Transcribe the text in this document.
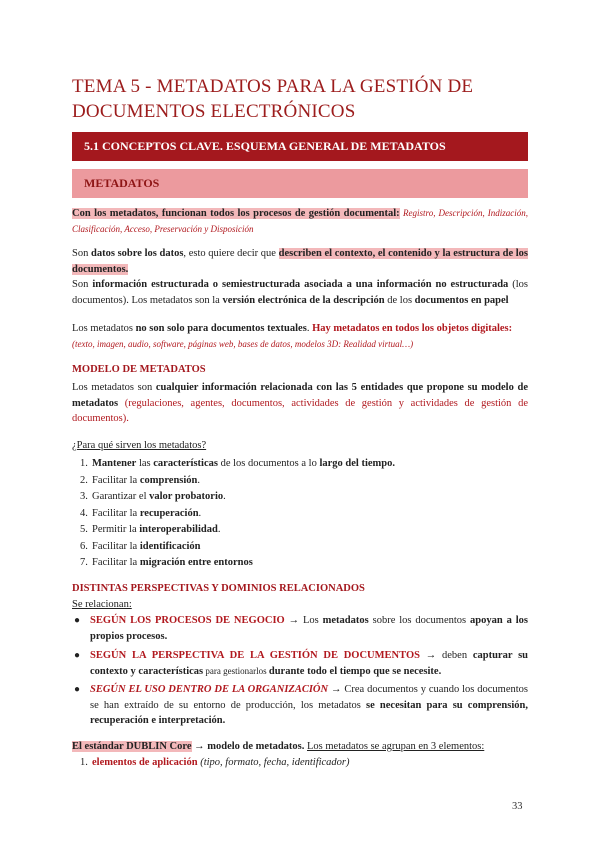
TEMA 5 - METADATOS PARA LA GESTIÓN DE DOCUMENTOS ELECTRÓNICOS
5.1 CONCEPTOS CLAVE. ESQUEMA GENERAL DE METADATOS
METADATOS
Con los metadatos, funcionan todos los procesos de gestión documental: Registro, Descripción, Indización, Clasificación, Acceso, Preservación y Disposición
Son datos sobre los datos, esto quiere decir que describen el contexto, el contenido y la estructura de los documentos.
Son información estructurada o semiestructurada asociada a una información no estructurada (los documentos). Los metadatos son la versión electrónica de la descripción de los documentos en papel
Los metadatos no son solo para documentos textuales. Hay metadatos en todos los objetos digitales:
(texto, imagen, audio, software, páginas web, bases de datos, modelos 3D: Realidad virtual…)
MODELO DE METADATOS
Los metadatos son cualquier información relacionada con las 5 entidades que propone su modelo de metadatos (regulaciones, agentes, documentos, actividades de gestión y actividades de gestión de documentos).
¿Para qué sirven los metadatos?
1. Mantener las características de los documentos a lo largo del tiempo.
2. Facilitar la comprensión.
3. Garantizar el valor probatorio.
4. Facilitar la recuperación.
5. Permitir la interoperabilidad.
6. Facilitar la identificación
7. Facilitar la migración entre entornos
DISTINTAS PERSPECTIVAS Y DOMINIOS RELACIONADOS
Se relacionan:
● SEGÚN LOS PROCESOS DE NEGOCIO → Los metadatos sobre los documentos apoyan a los propios procesos.
● SEGÚN LA PERSPECTIVA DE LA GESTIÓN DE DOCUMENTOS → deben capturar su contexto y características para gestionarlos durante todo el tiempo que se necesite.
● SEGÚN EL USO DENTRO DE LA ORGANIZACIÓN → Crea documentos y cuando los documentos se han extraído de su entorno de producción, los metadatos se necesitan para su comprensión, recuperación e interpretación.
El estándar DUBLIN Core → modelo de metadatos. Los metadatos se agrupan en 3 elementos:
1. elementos de aplicación (tipo, formato, fecha, identificador)
33
